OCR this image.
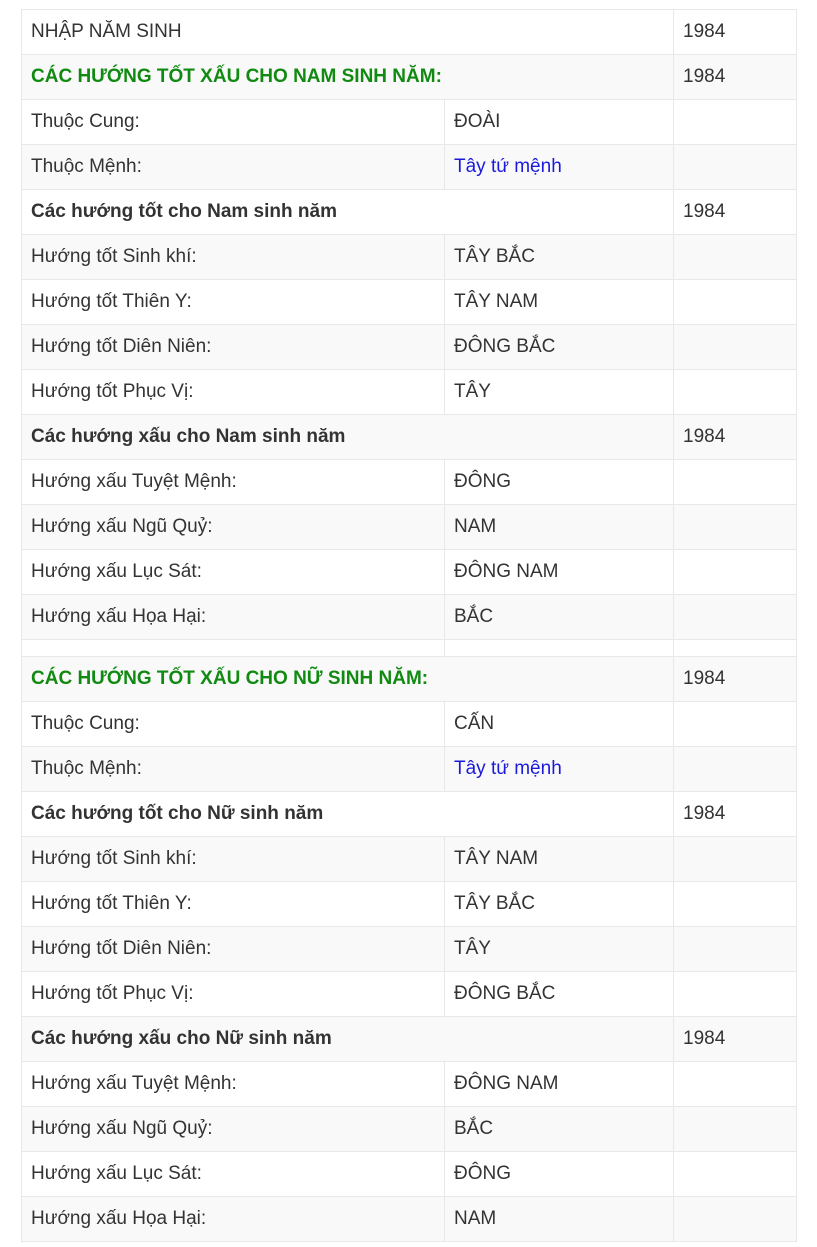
NHẬP NĂM SINH		1984
CÁC HƯỚNG TỐT XẤU CHO NAM SINH NĂM:		1984
Thuộc Cung:	ĐOÀI	
Thuộc Mệnh:	Tây tứ mệnh	
Các hướng tốt cho Nam sinh năm		1984
Hướng tốt Sinh khí:	TÂY BẮC	
Hướng tốt Thiên Y:	TÂY NAM	
Hướng tốt Diên Niên:	ĐÔNG BẮC	
Hướng tốt Phục Vị:	TÂY	
Các hướng xấu cho Nam sinh năm		1984
Hướng xấu Tuyệt Mệnh:	ĐÔNG	
Hướng xấu Ngũ Quỷ:	NAM	
Hướng xấu Lục Sát:	ĐÔNG NAM	
Hướng xấu Họa Hại:	BẮC	

CÁC HƯỚNG TỐT XẤU CHO NỮ SINH NĂM:		1984
Thuộc Cung:	CẤN	
Thuộc Mệnh:	Tây tứ mệnh	
Các hướng tốt cho Nữ sinh năm		1984
Hướng tốt Sinh khí:	TÂY NAM	
Hướng tốt Thiên Y:	TÂY BẮC	
Hướng tốt Diên Niên:	TÂY	
Hướng tốt Phục Vị:	ĐÔNG BẮC	
Các hướng xấu cho Nữ sinh năm		1984
Hướng xấu Tuyệt Mệnh:	ĐÔNG NAM	
Hướng xấu Ngũ Quỷ:	BẮC	
Hướng xấu Lục Sát:	ĐÔNG	
Hướng xấu Họa Hại:	NAM	
